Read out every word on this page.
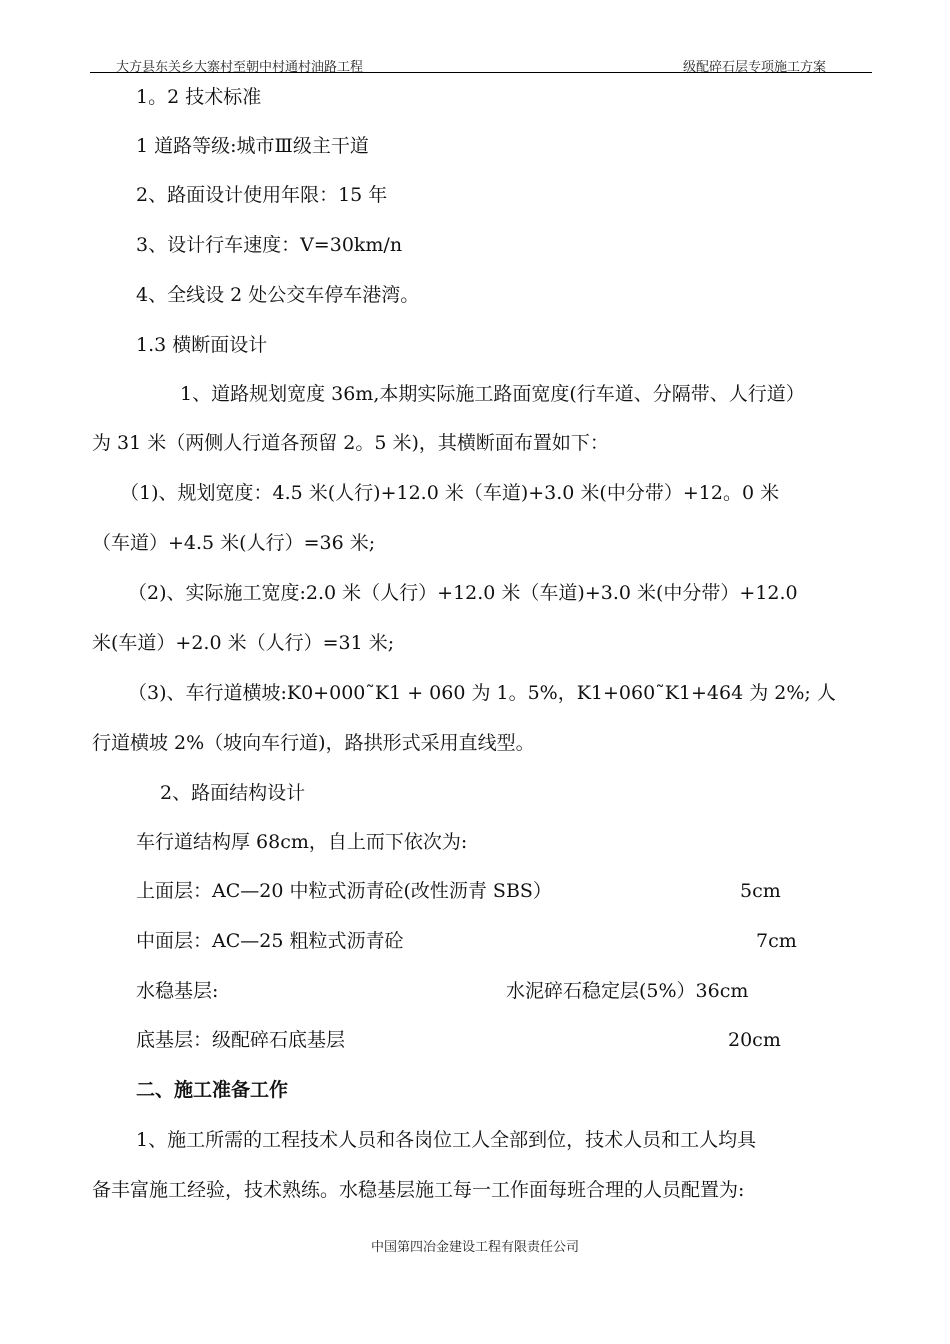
大方县东关乡大寨村至朝中村通村油路工程	级配碎石层专项施工方案
1。2 技术标准
1 道路等级:城市Ⅲ级主干道
2、路面设计使用年限：15 年
3、设计行车速度：V=30km/n
4、全线设 2 处公交车停车港湾。
1.3 横断面设计
1、道路规划宽度 36m,本期实际施工路面宽度(行车道、分隔带、人行道）
为 31 米（两侧人行道各预留 2。5 米)，其横断面布置如下：
（1)、规划宽度：4.5 米(人行)+12.0 米（车道)+3.0 米(中分带）+12。0 米
（车道）+4.5 米(人行）=36 米;
（2)、实际施工宽度:2.0 米（人行）+12.0 米（车道)+3.0 米(中分带）+12.0
米(车道）+2.0 米（人行）=31 米;
（3)、车行道横坡:K0+000˜K1 + 060 为 1。5%，K1+060˜K1+464 为 2%; 人
行道横坡 2%（坡向车行道)，路拱形式采用直线型。
2、路面结构设计
车行道结构厚 68cm，自上而下依次为:
上面层：AC—20 中粒式沥青砼(改性沥青 SBS）	5cm
中面层：AC—25 粗粒式沥青砼	7cm
水稳基层:	水泥碎石稳定层(5%）36cm
底基层：级配碎石底基层	20cm
二、施工准备工作
1、施工所需的工程技术人员和各岗位工人全部到位，技术人员和工人均具
备丰富施工经验，技术熟练。水稳基层施工每一工作面每班合理的人员配置为:
中国第四冶金建设工程有限责任公司
